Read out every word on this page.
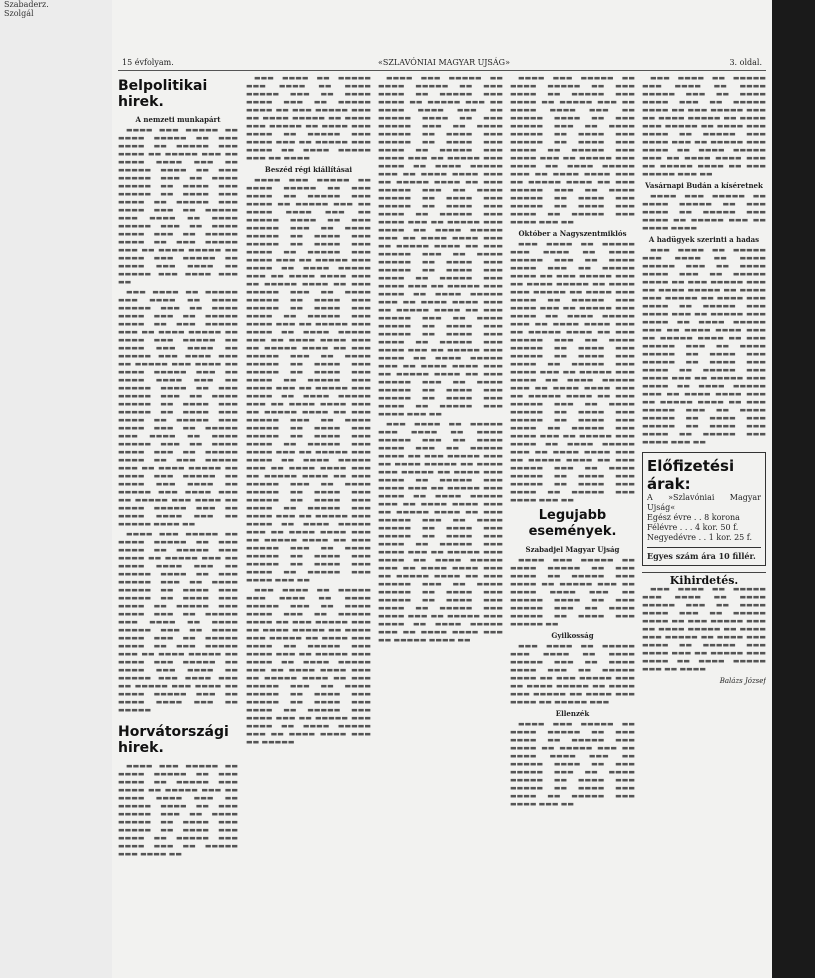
Szabaderz.
Szolgál
15 évfolyam.	«SZLAVÓNIAI MAGYAR UJSÁG»	3. oldal.
Belpolitikai hirek.
A nemzeti munkapárt

▬▬▬▬ ▬▬▬ ▬▬▬▬▬ ▬▬ ▬▬▬▬ ▬▬▬▬▬ ▬▬ ▬▬▬ ▬▬▬▬ ▬▬ ▬▬▬▬▬ ▬▬▬ ▬▬▬▬ ▬▬ ▬▬▬▬▬ ▬▬▬ ▬▬ ▬▬▬▬ ▬▬▬▬ ▬▬▬ ▬▬ ▬▬▬▬▬ ▬▬▬▬ ▬▬ ▬▬▬ ▬▬▬▬▬ ▬▬▬ ▬▬ ▬▬▬▬ ▬▬▬▬▬ ▬▬ ▬▬▬▬ ▬▬▬ ▬▬▬▬▬ ▬▬ ▬▬▬▬ ▬▬▬ ▬▬▬▬ ▬▬ ▬▬▬▬▬ ▬▬▬ ▬▬▬▬ ▬▬▬ ▬▬ ▬▬▬▬▬ ▬▬▬ ▬▬▬▬ ▬▬ ▬▬▬▬ ▬▬▬▬▬ ▬▬▬ ▬▬ ▬▬▬▬ ▬▬▬▬ ▬▬▬ ▬▬ ▬▬▬▬▬ ▬▬▬▬ ▬▬ ▬▬▬ ▬▬▬▬▬ ▬▬▬ ▬▬ ▬▬▬▬ ▬▬▬▬▬ ▬▬ ▬▬▬▬ ▬▬▬ ▬▬▬▬▬ ▬▬ ▬▬▬▬ ▬▬▬ ▬▬▬▬ ▬▬ ▬▬▬▬▬ ▬▬▬ ▬▬▬▬ ▬▬▬ ▬▬

▬▬▬ ▬▬▬▬ ▬▬ ▬▬▬▬▬ ▬▬▬ ▬▬▬▬ ▬▬ ▬▬▬▬ ▬▬▬▬▬ ▬▬▬ ▬▬ ▬▬▬▬ ▬▬▬▬ ▬▬▬ ▬▬ ▬▬▬▬▬ ▬▬▬▬ ▬▬ ▬▬▬ ▬▬▬▬▬ ▬▬▬ ▬▬ ▬▬▬▬ ▬▬▬▬▬ ▬▬ ▬▬▬▬ ▬▬▬ ▬▬▬▬▬ ▬▬ ▬▬▬▬ ▬▬▬ ▬▬▬▬ ▬▬ ▬▬▬▬▬ ▬▬▬ ▬▬▬▬ ▬▬▬ ▬▬ ▬▬▬▬▬ ▬▬▬ ▬▬▬▬ ▬▬ ▬▬▬▬ ▬▬▬▬▬ ▬▬▬ ▬▬ ▬▬▬▬ ▬▬▬▬ ▬▬▬ ▬▬ ▬▬▬▬▬ ▬▬▬▬ ▬▬ ▬▬▬ ▬▬▬▬▬ ▬▬▬ ▬▬ ▬▬▬▬ ▬▬▬▬▬ ▬▬ ▬▬▬▬ ▬▬▬ ▬▬▬▬▬ ▬▬ ▬▬▬▬ ▬▬▬ ▬▬▬▬ ▬▬ ▬▬▬▬▬ ▬▬▬ ▬▬▬▬ ▬▬▬ ▬▬ ▬▬▬▬▬ ▬▬▬ ▬▬▬▬ ▬▬ ▬▬▬▬ ▬▬▬▬▬ ▬▬▬ ▬▬ ▬▬▬▬ ▬▬▬▬ ▬▬▬ ▬▬ ▬▬▬▬▬ ▬▬▬▬ ▬▬ ▬▬▬ ▬▬▬▬▬ ▬▬▬ ▬▬ ▬▬▬▬ ▬▬▬▬▬ ▬▬ ▬▬▬▬ ▬▬▬ ▬▬▬▬▬ ▬▬ ▬▬▬▬ ▬▬▬ ▬▬▬▬ ▬▬ ▬▬▬▬▬ ▬▬▬ ▬▬▬▬ ▬▬▬ ▬▬ ▬▬▬▬▬ ▬▬▬ ▬▬▬▬ ▬▬ ▬▬▬▬ ▬▬▬▬▬ ▬▬▬ ▬▬ ▬▬▬▬ ▬▬▬▬ ▬▬▬ ▬▬ ▬▬▬▬▬ ▬▬▬▬ ▬▬

▬▬▬▬ ▬▬▬ ▬▬▬▬▬ ▬▬ ▬▬▬▬ ▬▬▬▬▬ ▬▬ ▬▬▬ ▬▬▬▬ ▬▬ ▬▬▬▬▬ ▬▬▬ ▬▬▬▬ ▬▬ ▬▬▬▬▬ ▬▬▬ ▬▬ ▬▬▬▬ ▬▬▬▬ ▬▬▬ ▬▬ ▬▬▬▬▬ ▬▬▬▬ ▬▬ ▬▬▬ ▬▬▬▬▬ ▬▬▬ ▬▬ ▬▬▬▬ ▬▬▬▬▬ ▬▬ ▬▬▬▬ ▬▬▬ ▬▬▬▬▬ ▬▬ ▬▬▬▬ ▬▬▬ ▬▬▬▬ ▬▬ ▬▬▬▬▬ ▬▬▬ ▬▬▬▬ ▬▬▬ ▬▬ ▬▬▬▬▬ ▬▬▬ ▬▬▬▬ ▬▬ ▬▬▬▬ ▬▬▬▬▬ ▬▬▬ ▬▬ ▬▬▬▬ ▬▬▬▬ ▬▬▬ ▬▬ ▬▬▬▬▬ ▬▬▬▬ ▬▬ ▬▬▬ ▬▬▬▬▬ ▬▬▬ ▬▬ ▬▬▬▬ ▬▬▬▬▬ ▬▬ ▬▬▬▬ ▬▬▬ ▬▬▬▬▬ ▬▬ ▬▬▬▬ ▬▬▬ ▬▬▬▬ ▬▬ ▬▬▬▬▬ ▬▬▬ ▬▬▬▬ ▬▬▬ ▬▬ ▬▬▬▬▬ ▬▬▬ ▬▬▬▬ ▬▬ ▬▬▬▬ ▬▬▬▬▬ ▬▬▬ ▬▬ ▬▬▬▬ ▬▬▬▬ ▬▬▬ ▬▬ ▬▬▬▬▬

Horvátországi hirek.

▬▬▬▬ ▬▬▬ ▬▬▬▬▬ ▬▬ ▬▬▬▬ ▬▬▬▬▬ ▬▬ ▬▬▬ ▬▬▬▬ ▬▬ ▬▬▬▬▬ ▬▬▬ ▬▬▬▬ ▬▬ ▬▬▬▬▬ ▬▬▬ ▬▬ ▬▬▬▬ ▬▬▬▬ ▬▬▬ ▬▬ ▬▬▬▬▬ ▬▬▬▬ ▬▬ ▬▬▬ ▬▬▬▬▬ ▬▬▬ ▬▬ ▬▬▬▬ ▬▬▬▬▬ ▬▬ ▬▬▬▬ ▬▬▬ ▬▬▬▬▬ ▬▬ ▬▬▬▬ ▬▬▬ ▬▬▬▬ ▬▬ ▬▬▬▬▬ ▬▬▬ ▬▬▬▬ ▬▬▬ ▬▬ ▬▬▬▬▬ ▬▬▬ ▬▬▬▬ ▬▬

▬▬▬ ▬▬▬▬ ▬▬ ▬▬▬▬▬ ▬▬▬ ▬▬▬▬ ▬▬ ▬▬▬▬ ▬▬▬▬▬ ▬▬▬ ▬▬ ▬▬▬▬ ▬▬▬▬ ▬▬▬ ▬▬ ▬▬▬▬▬ ▬▬▬▬ ▬▬ ▬▬▬ ▬▬▬▬▬ ▬▬▬ ▬▬ ▬▬▬▬ ▬▬▬▬▬ ▬▬ ▬▬▬▬ ▬▬▬ ▬▬▬▬▬ ▬▬ ▬▬▬▬ ▬▬▬ ▬▬▬▬ ▬▬ ▬▬▬▬▬ ▬▬▬ ▬▬▬▬ ▬▬▬ ▬▬ ▬▬▬▬▬ ▬▬▬ ▬▬▬▬ ▬▬ ▬▬▬▬ ▬▬▬▬▬ ▬▬▬ ▬▬ ▬▬▬▬

Beszéd régi kiállításai

▬▬▬▬ ▬▬▬ ▬▬▬▬▬ ▬▬ ▬▬▬▬ ▬▬▬▬▬ ▬▬ ▬▬▬ ▬▬▬▬ ▬▬ ▬▬▬▬▬ ▬▬▬ ▬▬▬▬ ▬▬ ▬▬▬▬▬ ▬▬▬ ▬▬ ▬▬▬▬ ▬▬▬▬ ▬▬▬ ▬▬ ▬▬▬▬▬ ▬▬▬▬ ▬▬ ▬▬▬ ▬▬▬▬▬ ▬▬▬ ▬▬ ▬▬▬▬ ▬▬▬▬▬ ▬▬ ▬▬▬▬ ▬▬▬ ▬▬▬▬▬ ▬▬ ▬▬▬▬ ▬▬▬ ▬▬▬▬ ▬▬ ▬▬▬▬▬ ▬▬▬ ▬▬▬▬ ▬▬▬ ▬▬ ▬▬▬▬▬ ▬▬▬ ▬▬▬▬ ▬▬ ▬▬▬▬ ▬▬▬▬▬ ▬▬▬ ▬▬ ▬▬▬▬ ▬▬▬▬ ▬▬▬ ▬▬ ▬▬▬▬▬ ▬▬▬▬ ▬▬ ▬▬▬ ▬▬▬▬▬ ▬▬▬ ▬▬ ▬▬▬▬ ▬▬▬▬▬ ▬▬ ▬▬▬▬ ▬▬▬ ▬▬▬▬▬ ▬▬ ▬▬▬▬ ▬▬▬ ▬▬▬▬ ▬▬ ▬▬▬▬▬ ▬▬▬ ▬▬▬▬ ▬▬▬ ▬▬ ▬▬▬▬▬ ▬▬▬ ▬▬▬▬ ▬▬ ▬▬▬▬ ▬▬▬▬▬ ▬▬▬ ▬▬ ▬▬▬▬ ▬▬▬▬ ▬▬▬ ▬▬ ▬▬▬▬▬ ▬▬▬▬ ▬▬ ▬▬▬ ▬▬▬▬▬ ▬▬▬ ▬▬ ▬▬▬▬ ▬▬▬▬▬ ▬▬ ▬▬▬▬ ▬▬▬ ▬▬▬▬▬ ▬▬ ▬▬▬▬ ▬▬▬ ▬▬▬▬ ▬▬ ▬▬▬▬▬ ▬▬▬ ▬▬▬▬ ▬▬▬ ▬▬ ▬▬▬▬▬ ▬▬▬ ▬▬▬▬ ▬▬ ▬▬▬▬ ▬▬▬▬▬ ▬▬▬ ▬▬ ▬▬▬▬ ▬▬▬▬ ▬▬▬ ▬▬ ▬▬▬▬▬ ▬▬▬▬ ▬▬ ▬▬▬ ▬▬▬▬▬ ▬▬▬ ▬▬ ▬▬▬▬ ▬▬▬▬▬ ▬▬ ▬▬▬▬ ▬▬▬ ▬▬▬▬▬ ▬▬ ▬▬▬▬ ▬▬▬ ▬▬▬▬ ▬▬ ▬▬▬▬▬ ▬▬▬ ▬▬▬▬ ▬▬▬ ▬▬ ▬▬▬▬▬ ▬▬▬ ▬▬▬▬ ▬▬ ▬▬▬▬ ▬▬▬▬▬ ▬▬▬ ▬▬ ▬▬▬▬ ▬▬▬▬ ▬▬▬ ▬▬ ▬▬▬▬▬ ▬▬▬▬ ▬▬ ▬▬▬ ▬▬▬▬▬ ▬▬▬ ▬▬ ▬▬▬▬ ▬▬▬▬▬ ▬▬ ▬▬▬▬ ▬▬▬ ▬▬▬▬▬ ▬▬ ▬▬▬▬ ▬▬▬ ▬▬▬▬ ▬▬ ▬▬▬▬▬ ▬▬▬ ▬▬▬▬ ▬▬▬ ▬▬ ▬▬▬▬▬ ▬▬▬ ▬▬▬▬ ▬▬ ▬▬▬▬ ▬▬▬▬▬ ▬▬▬ ▬▬ ▬▬▬▬ ▬▬▬▬ ▬▬▬ ▬▬ ▬▬▬▬▬ ▬▬▬▬ ▬▬ ▬▬▬ ▬▬▬▬▬ ▬▬▬ ▬▬ ▬▬▬▬ ▬▬▬▬▬ ▬▬ ▬▬▬▬ ▬▬▬ ▬▬▬▬▬ ▬▬ ▬▬▬▬ ▬▬▬ ▬▬▬▬ ▬▬ ▬▬▬▬▬ ▬▬▬ ▬▬▬▬ ▬▬▬ ▬▬

▬▬▬ ▬▬▬▬ ▬▬ ▬▬▬▬▬ ▬▬▬ ▬▬▬▬ ▬▬ ▬▬▬▬ ▬▬▬▬▬ ▬▬▬ ▬▬ ▬▬▬▬ ▬▬▬▬ ▬▬▬ ▬▬ ▬▬▬▬▬ ▬▬▬▬ ▬▬ ▬▬▬ ▬▬▬▬▬ ▬▬▬ ▬▬ ▬▬▬▬ ▬▬▬▬▬ ▬▬ ▬▬▬▬ ▬▬▬ ▬▬▬▬▬ ▬▬ ▬▬▬▬ ▬▬▬ ▬▬▬▬ ▬▬ ▬▬▬▬▬ ▬▬▬ ▬▬▬▬ ▬▬▬ ▬▬ ▬▬▬▬▬ ▬▬▬ ▬▬▬▬ ▬▬ ▬▬▬▬ ▬▬▬▬▬ ▬▬▬ ▬▬ ▬▬▬▬ ▬▬▬▬ ▬▬▬ ▬▬ ▬▬▬▬▬ ▬▬▬▬ ▬▬ ▬▬▬ ▬▬▬▬▬ ▬▬▬ ▬▬ ▬▬▬▬ ▬▬▬▬▬ ▬▬ ▬▬▬▬ ▬▬▬ ▬▬▬▬▬ ▬▬ ▬▬▬▬ ▬▬▬ ▬▬▬▬ ▬▬ ▬▬▬▬▬ ▬▬▬ ▬▬▬▬ ▬▬▬ ▬▬ ▬▬▬▬▬ ▬▬▬ ▬▬▬▬ ▬▬ ▬▬▬▬ ▬▬▬▬▬ ▬▬▬ ▬▬ ▬▬▬▬ ▬▬▬▬ ▬▬▬ ▬▬ ▬▬▬▬▬

▬▬▬▬ ▬▬▬ ▬▬▬▬▬ ▬▬ ▬▬▬▬ ▬▬▬▬▬ ▬▬ ▬▬▬ ▬▬▬▬ ▬▬ ▬▬▬▬▬ ▬▬▬ ▬▬▬▬ ▬▬ ▬▬▬▬▬ ▬▬▬ ▬▬ ▬▬▬▬ ▬▬▬▬ ▬▬▬ ▬▬ ▬▬▬▬▬ ▬▬▬▬ ▬▬ ▬▬▬ ▬▬▬▬▬ ▬▬▬ ▬▬ ▬▬▬▬ ▬▬▬▬▬ ▬▬ ▬▬▬▬ ▬▬▬ ▬▬▬▬▬ ▬▬ ▬▬▬▬ ▬▬▬ ▬▬▬▬ ▬▬ ▬▬▬▬▬ ▬▬▬ ▬▬▬▬ ▬▬▬ ▬▬ ▬▬▬▬▬ ▬▬▬ ▬▬▬▬ ▬▬ ▬▬▬▬ ▬▬▬▬▬ ▬▬▬ ▬▬ ▬▬▬▬ ▬▬▬▬ ▬▬▬ ▬▬ ▬▬▬▬▬ ▬▬▬▬ ▬▬ ▬▬▬ ▬▬▬▬▬ ▬▬▬ ▬▬ ▬▬▬▬ ▬▬▬▬▬ ▬▬ ▬▬▬▬ ▬▬▬ ▬▬▬▬▬ ▬▬ ▬▬▬▬ ▬▬▬ ▬▬▬▬ ▬▬ ▬▬▬▬▬ ▬▬▬ ▬▬▬▬ ▬▬▬ ▬▬ ▬▬▬▬▬ ▬▬▬ ▬▬▬▬ ▬▬ ▬▬▬▬ ▬▬▬▬▬ ▬▬▬ ▬▬ ▬▬▬▬ ▬▬▬▬ ▬▬▬ ▬▬ ▬▬▬▬▬ ▬▬▬▬ ▬▬ ▬▬▬ ▬▬▬▬▬ ▬▬▬ ▬▬ ▬▬▬▬ ▬▬▬▬▬ ▬▬ ▬▬▬▬ ▬▬▬ ▬▬▬▬▬ ▬▬ ▬▬▬▬ ▬▬▬ ▬▬▬▬ ▬▬ ▬▬▬▬▬ ▬▬▬ ▬▬▬▬ ▬▬▬ ▬▬ ▬▬▬▬▬ ▬▬▬ ▬▬▬▬ ▬▬ ▬▬▬▬ ▬▬▬▬▬ ▬▬▬ ▬▬ ▬▬▬▬ ▬▬▬▬ ▬▬▬ ▬▬ ▬▬▬▬▬ ▬▬▬▬ ▬▬ ▬▬▬ ▬▬▬▬▬ ▬▬▬ ▬▬ ▬▬▬▬ ▬▬▬▬▬ ▬▬ ▬▬▬▬ ▬▬▬ ▬▬▬▬▬ ▬▬ ▬▬▬▬ ▬▬▬ ▬▬▬▬ ▬▬ ▬▬▬▬▬ ▬▬▬ ▬▬▬▬ ▬▬▬ ▬▬ ▬▬▬▬▬ ▬▬▬ ▬▬▬▬ ▬▬ ▬▬▬▬ ▬▬▬▬▬ ▬▬▬ ▬▬ ▬▬▬▬ ▬▬▬▬ ▬▬▬ ▬▬ ▬▬▬▬▬ ▬▬▬▬ ▬▬ ▬▬▬ ▬▬▬▬▬ ▬▬▬ ▬▬ ▬▬▬▬ ▬▬▬▬▬ ▬▬ ▬▬▬▬ ▬▬▬ ▬▬▬▬▬ ▬▬ ▬▬▬▬ ▬▬▬ ▬▬▬▬ ▬▬ ▬▬▬▬▬ ▬▬▬ ▬▬▬▬ ▬▬▬ ▬▬

▬▬▬ ▬▬▬▬ ▬▬ ▬▬▬▬▬ ▬▬▬ ▬▬▬▬ ▬▬ ▬▬▬▬ ▬▬▬▬▬ ▬▬▬ ▬▬ ▬▬▬▬ ▬▬▬▬ ▬▬▬ ▬▬ ▬▬▬▬▬ ▬▬▬▬ ▬▬ ▬▬▬ ▬▬▬▬▬ ▬▬▬ ▬▬ ▬▬▬▬ ▬▬▬▬▬ ▬▬ ▬▬▬▬ ▬▬▬ ▬▬▬▬▬ ▬▬ ▬▬▬▬ ▬▬▬ ▬▬▬▬ ▬▬ ▬▬▬▬▬ ▬▬▬ ▬▬▬▬ ▬▬▬ ▬▬ ▬▬▬▬▬ ▬▬▬ ▬▬▬▬ ▬▬ ▬▬▬▬ ▬▬▬▬▬ ▬▬▬ ▬▬ ▬▬▬▬ ▬▬▬▬ ▬▬▬ ▬▬ ▬▬▬▬▬ ▬▬▬▬ ▬▬ ▬▬▬ ▬▬▬▬▬ ▬▬▬ ▬▬ ▬▬▬▬ ▬▬▬▬▬ ▬▬ ▬▬▬▬ ▬▬▬ ▬▬▬▬▬ ▬▬ ▬▬▬▬ ▬▬▬ ▬▬▬▬ ▬▬ ▬▬▬▬▬ ▬▬▬ ▬▬▬▬ ▬▬▬ ▬▬ ▬▬▬▬▬ ▬▬▬ ▬▬▬▬ ▬▬ ▬▬▬▬ ▬▬▬▬▬ ▬▬▬ ▬▬ ▬▬▬▬ ▬▬▬▬ ▬▬▬ ▬▬ ▬▬▬▬▬ ▬▬▬▬ ▬▬ ▬▬▬ ▬▬▬▬▬ ▬▬▬ ▬▬ ▬▬▬▬ ▬▬▬▬▬ ▬▬ ▬▬▬▬ ▬▬▬ ▬▬▬▬▬ ▬▬ ▬▬▬▬ ▬▬▬ ▬▬▬▬ ▬▬ ▬▬▬▬▬ ▬▬▬ ▬▬▬▬ ▬▬▬ ▬▬ ▬▬▬▬▬ ▬▬▬ ▬▬▬▬ ▬▬ ▬▬▬▬ ▬▬▬▬▬ ▬▬▬ ▬▬ ▬▬▬▬ ▬▬▬▬ ▬▬▬ ▬▬ ▬▬▬▬▬ ▬▬▬▬ ▬▬

▬▬▬▬ ▬▬▬ ▬▬▬▬▬ ▬▬ ▬▬▬▬ ▬▬▬▬▬ ▬▬ ▬▬▬ ▬▬▬▬ ▬▬ ▬▬▬▬▬ ▬▬▬ ▬▬▬▬ ▬▬ ▬▬▬▬▬ ▬▬▬ ▬▬ ▬▬▬▬ ▬▬▬▬ ▬▬▬ ▬▬ ▬▬▬▬▬ ▬▬▬▬ ▬▬ ▬▬▬ ▬▬▬▬▬ ▬▬▬ ▬▬ ▬▬▬▬ ▬▬▬▬▬ ▬▬ ▬▬▬▬ ▬▬▬ ▬▬▬▬▬ ▬▬ ▬▬▬▬ ▬▬▬ ▬▬▬▬ ▬▬ ▬▬▬▬▬ ▬▬▬ ▬▬▬▬ ▬▬▬ ▬▬ ▬▬▬▬▬ ▬▬▬ ▬▬▬▬ ▬▬ ▬▬▬▬ ▬▬▬▬▬ ▬▬▬ ▬▬ ▬▬▬▬ ▬▬▬▬ ▬▬▬ ▬▬ ▬▬▬▬▬ ▬▬▬▬ ▬▬ ▬▬▬ ▬▬▬▬▬ ▬▬▬ ▬▬ ▬▬▬▬ ▬▬▬▬▬ ▬▬ ▬▬▬▬ ▬▬▬ ▬▬▬▬▬ ▬▬ ▬▬▬▬ ▬▬▬ ▬▬▬▬ ▬▬ ▬▬▬▬▬ ▬▬▬ ▬▬▬▬ ▬▬▬ ▬▬

Október a Nagyszentmiklós

▬▬▬ ▬▬▬▬ ▬▬ ▬▬▬▬▬ ▬▬▬ ▬▬▬▬ ▬▬ ▬▬▬▬ ▬▬▬▬▬ ▬▬▬ ▬▬ ▬▬▬▬ ▬▬▬▬ ▬▬▬ ▬▬ ▬▬▬▬▬ ▬▬▬▬ ▬▬ ▬▬▬ ▬▬▬▬▬ ▬▬▬ ▬▬ ▬▬▬▬ ▬▬▬▬▬ ▬▬ ▬▬▬▬ ▬▬▬ ▬▬▬▬▬ ▬▬ ▬▬▬▬ ▬▬▬ ▬▬▬▬ ▬▬ ▬▬▬▬▬ ▬▬▬ ▬▬▬▬ ▬▬▬ ▬▬ ▬▬▬▬▬ ▬▬▬ ▬▬▬▬ ▬▬ ▬▬▬▬ ▬▬▬▬▬ ▬▬▬ ▬▬ ▬▬▬▬ ▬▬▬▬ ▬▬▬ ▬▬ ▬▬▬▬▬ ▬▬▬▬ ▬▬ ▬▬▬ ▬▬▬▬▬ ▬▬▬ ▬▬ ▬▬▬▬ ▬▬▬▬▬ ▬▬ ▬▬▬▬ ▬▬▬ ▬▬▬▬▬ ▬▬ ▬▬▬▬ ▬▬▬ ▬▬▬▬ ▬▬ ▬▬▬▬▬ ▬▬▬ ▬▬▬▬ ▬▬▬ ▬▬ ▬▬▬▬▬ ▬▬▬ ▬▬▬▬ ▬▬ ▬▬▬▬ ▬▬▬▬▬ ▬▬▬ ▬▬ ▬▬▬▬ ▬▬▬▬ ▬▬▬ ▬▬ ▬▬▬▬▬ ▬▬▬▬ ▬▬ ▬▬▬ ▬▬▬▬▬ ▬▬▬ ▬▬ ▬▬▬▬ ▬▬▬▬▬ ▬▬ ▬▬▬▬ ▬▬▬ ▬▬▬▬▬ ▬▬ ▬▬▬▬ ▬▬▬ ▬▬▬▬ ▬▬ ▬▬▬▬▬ ▬▬▬ ▬▬▬▬ ▬▬▬ ▬▬ ▬▬▬▬▬ ▬▬▬ ▬▬▬▬ ▬▬ ▬▬▬▬ ▬▬▬▬▬ ▬▬▬ ▬▬ ▬▬▬▬ ▬▬▬▬ ▬▬▬ ▬▬ ▬▬▬▬▬ ▬▬▬▬ ▬▬ ▬▬▬ ▬▬▬▬▬ ▬▬▬ ▬▬ ▬▬▬▬ ▬▬▬▬▬ ▬▬ ▬▬▬▬ ▬▬▬ ▬▬▬▬▬ ▬▬ ▬▬▬▬ ▬▬▬ ▬▬▬▬ ▬▬ ▬▬▬▬▬ ▬▬▬ ▬▬▬▬ ▬▬▬ ▬▬

Legujabb események.
Szabadjel Magyar Ujság

▬▬▬▬ ▬▬▬ ▬▬▬▬▬ ▬▬ ▬▬▬▬ ▬▬▬▬▬ ▬▬ ▬▬▬ ▬▬▬▬ ▬▬ ▬▬▬▬▬ ▬▬▬ ▬▬▬▬ ▬▬ ▬▬▬▬▬ ▬▬▬ ▬▬ ▬▬▬▬ ▬▬▬▬ ▬▬▬ ▬▬ ▬▬▬▬▬ ▬▬▬▬ ▬▬ ▬▬▬ ▬▬▬▬▬ ▬▬▬ ▬▬ ▬▬▬▬ ▬▬▬▬▬ ▬▬ ▬▬▬▬ ▬▬▬ ▬▬▬▬▬ ▬▬

Gyilkosság

▬▬▬ ▬▬▬▬ ▬▬ ▬▬▬▬▬ ▬▬▬ ▬▬▬▬ ▬▬ ▬▬▬▬ ▬▬▬▬▬ ▬▬▬ ▬▬ ▬▬▬▬ ▬▬▬▬ ▬▬▬ ▬▬ ▬▬▬▬▬ ▬▬▬▬ ▬▬ ▬▬▬ ▬▬▬▬▬ ▬▬▬ ▬▬ ▬▬▬▬ ▬▬▬▬▬ ▬▬ ▬▬▬▬ ▬▬▬ ▬▬▬▬▬ ▬▬ ▬▬▬▬ ▬▬▬ ▬▬▬▬ ▬▬ ▬▬▬▬▬ ▬▬▬

Ellenzék

▬▬▬▬ ▬▬▬ ▬▬▬▬▬ ▬▬ ▬▬▬▬ ▬▬▬▬▬ ▬▬ ▬▬▬ ▬▬▬▬ ▬▬ ▬▬▬▬▬ ▬▬▬ ▬▬▬▬ ▬▬ ▬▬▬▬▬ ▬▬▬ ▬▬ ▬▬▬▬ ▬▬▬▬ ▬▬▬ ▬▬ ▬▬▬▬▬ ▬▬▬▬ ▬▬ ▬▬▬ ▬▬▬▬▬ ▬▬▬ ▬▬ ▬▬▬▬ ▬▬▬▬▬ ▬▬ ▬▬▬▬ ▬▬▬ ▬▬▬▬▬ ▬▬ ▬▬▬▬ ▬▬▬ ▬▬▬▬ ▬▬ ▬▬▬▬▬ ▬▬▬ ▬▬▬▬ ▬▬▬ ▬▬

▬▬▬ ▬▬▬▬ ▬▬ ▬▬▬▬▬ ▬▬▬ ▬▬▬▬ ▬▬ ▬▬▬▬ ▬▬▬▬▬ ▬▬▬ ▬▬ ▬▬▬▬ ▬▬▬▬ ▬▬▬ ▬▬ ▬▬▬▬▬ ▬▬▬▬ ▬▬ ▬▬▬ ▬▬▬▬▬ ▬▬▬ ▬▬ ▬▬▬▬ ▬▬▬▬▬ ▬▬ ▬▬▬▬ ▬▬▬ ▬▬▬▬▬ ▬▬ ▬▬▬▬ ▬▬▬ ▬▬▬▬ ▬▬ ▬▬▬▬▬ ▬▬▬ ▬▬▬▬ ▬▬▬ ▬▬ ▬▬▬▬▬ ▬▬▬ ▬▬▬▬ ▬▬ ▬▬▬▬ ▬▬▬▬▬ ▬▬▬ ▬▬ ▬▬▬▬ ▬▬▬▬ ▬▬▬ ▬▬ ▬▬▬▬▬ ▬▬▬▬ ▬▬ ▬▬▬ ▬▬▬▬▬ ▬▬▬ ▬▬

Vasárnapi Budán a kíséretnek

▬▬▬▬ ▬▬▬ ▬▬▬▬▬ ▬▬ ▬▬▬▬ ▬▬▬▬▬ ▬▬ ▬▬▬ ▬▬▬▬ ▬▬ ▬▬▬▬▬ ▬▬▬ ▬▬▬▬ ▬▬ ▬▬▬▬▬ ▬▬▬ ▬▬ ▬▬▬▬ ▬▬▬▬

A hadügyek szerinti a hadas

▬▬▬ ▬▬▬▬ ▬▬ ▬▬▬▬▬ ▬▬▬ ▬▬▬▬ ▬▬ ▬▬▬▬ ▬▬▬▬▬ ▬▬▬ ▬▬ ▬▬▬▬ ▬▬▬▬ ▬▬▬ ▬▬ ▬▬▬▬▬ ▬▬▬▬ ▬▬ ▬▬▬ ▬▬▬▬▬ ▬▬▬ ▬▬ ▬▬▬▬ ▬▬▬▬▬ ▬▬ ▬▬▬▬ ▬▬▬ ▬▬▬▬▬ ▬▬ ▬▬▬▬ ▬▬▬ ▬▬▬▬ ▬▬ ▬▬▬▬▬ ▬▬▬ ▬▬▬▬ ▬▬▬ ▬▬ ▬▬▬▬▬ ▬▬▬ ▬▬▬▬ ▬▬ ▬▬▬▬ ▬▬▬▬▬ ▬▬▬ ▬▬ ▬▬▬▬ ▬▬▬▬ ▬▬▬ ▬▬ ▬▬▬▬▬ ▬▬▬▬ ▬▬ ▬▬▬ ▬▬▬▬▬ ▬▬▬ ▬▬ ▬▬▬▬ ▬▬▬▬▬ ▬▬ ▬▬▬▬ ▬▬▬ ▬▬▬▬▬ ▬▬ ▬▬▬▬ ▬▬▬ ▬▬▬▬ ▬▬ ▬▬▬▬▬ ▬▬▬ ▬▬▬▬ ▬▬▬ ▬▬ ▬▬▬▬▬ ▬▬▬ ▬▬▬▬ ▬▬ ▬▬▬▬ ▬▬▬▬▬ ▬▬▬ ▬▬ ▬▬▬▬ ▬▬▬▬ ▬▬▬ ▬▬ ▬▬▬▬▬ ▬▬▬▬ ▬▬ ▬▬▬ ▬▬▬▬▬ ▬▬▬ ▬▬ ▬▬▬▬ ▬▬▬▬▬ ▬▬ ▬▬▬▬ ▬▬▬ ▬▬▬▬▬ ▬▬ ▬▬▬▬ ▬▬▬ ▬▬▬▬ ▬▬ ▬▬▬▬▬ ▬▬▬ ▬▬▬▬ ▬▬▬ ▬▬

Előfizetési árak:
A »Szlavóniai Magyar Ujság«
Egész évre . . 8 korona
Félévre . . . 4 kor. 50 f.
Negyedévre . . 1 kor. 25 f.
Egyes szám ára 10 fillér.
Kihirdetés.

▬▬▬ ▬▬▬▬ ▬▬ ▬▬▬▬▬ ▬▬▬ ▬▬▬▬ ▬▬ ▬▬▬▬ ▬▬▬▬▬ ▬▬▬ ▬▬ ▬▬▬▬ ▬▬▬▬ ▬▬▬ ▬▬ ▬▬▬▬▬ ▬▬▬▬ ▬▬ ▬▬▬ ▬▬▬▬▬ ▬▬▬ ▬▬ ▬▬▬▬ ▬▬▬▬▬ ▬▬ ▬▬▬▬ ▬▬▬ ▬▬▬▬▬ ▬▬ ▬▬▬▬ ▬▬▬ ▬▬▬▬ ▬▬ ▬▬▬▬▬ ▬▬▬ ▬▬▬▬ ▬▬▬ ▬▬ ▬▬▬▬▬ ▬▬▬ ▬▬▬▬ ▬▬ ▬▬▬▬ ▬▬▬▬▬ ▬▬▬ ▬▬ ▬▬▬▬

Balázs József
